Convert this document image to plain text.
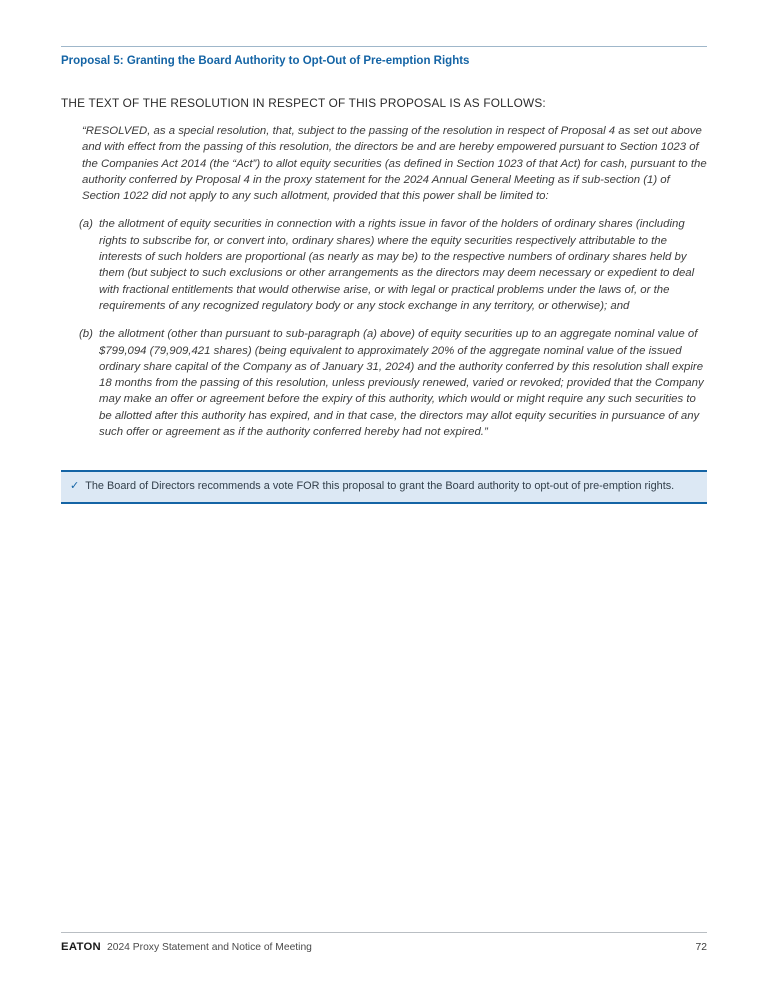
Proposal 5: Granting the Board Authority to Opt-Out of Pre-emption Rights
THE TEXT OF THE RESOLUTION IN RESPECT OF THIS PROPOSAL IS AS FOLLOWS:

“RESOLVED, as a special resolution, that, subject to the passing of the resolution in respect of Proposal 4 as set out above and with effect from the passing of this resolution, the directors be and are hereby empowered pursuant to Section 1023 of the Companies Act 2014 (the “Act”) to allot equity securities (as defined in Section 1023 of that Act) for cash, pursuant to the authority conferred by Proposal 4 in the proxy statement for the 2024 Annual General Meeting as if sub-section (1) of Section 1022 did not apply to any such allotment, provided that this power shall be limited to:

(a) the allotment of equity securities in connection with a rights issue in favor of the holders of ordinary shares (including rights to subscribe for, or convert into, ordinary shares) where the equity securities respectively attributable to the interests of such holders are proportional (as nearly as may be) to the respective numbers of ordinary shares held by them (but subject to such exclusions or other arrangements as the directors may deem necessary or expedient to deal with fractional entitlements that would otherwise arise, or with legal or practical problems under the laws of, or the requirements of any recognized regulatory body or any stock exchange in any territory, or otherwise); and
(b) the allotment (other than pursuant to sub-paragraph (a) above) of equity securities up to an aggregate nominal value of $799,094 (79,909,421 shares) (being equivalent to approximately 20% of the aggregate nominal value of the issued ordinary share capital of the Company as of January 31, 2024) and the authority conferred by this resolution shall expire 18 months from the passing of this resolution, unless previously renewed, varied or revoked; provided that the Company may make an offer or agreement before the expiry of this authority, which would or might require any such securities to be allotted after this authority has expired, and in that case, the directors may allot equity securities in pursuance of any such offer or agreement as if the authority conferred hereby had not expired.”
✓ The Board of Directors recommends a vote FOR this proposal to grant the Board authority to opt-out of pre-emption rights.
EATON 2024 Proxy Statement and Notice of Meeting	72
